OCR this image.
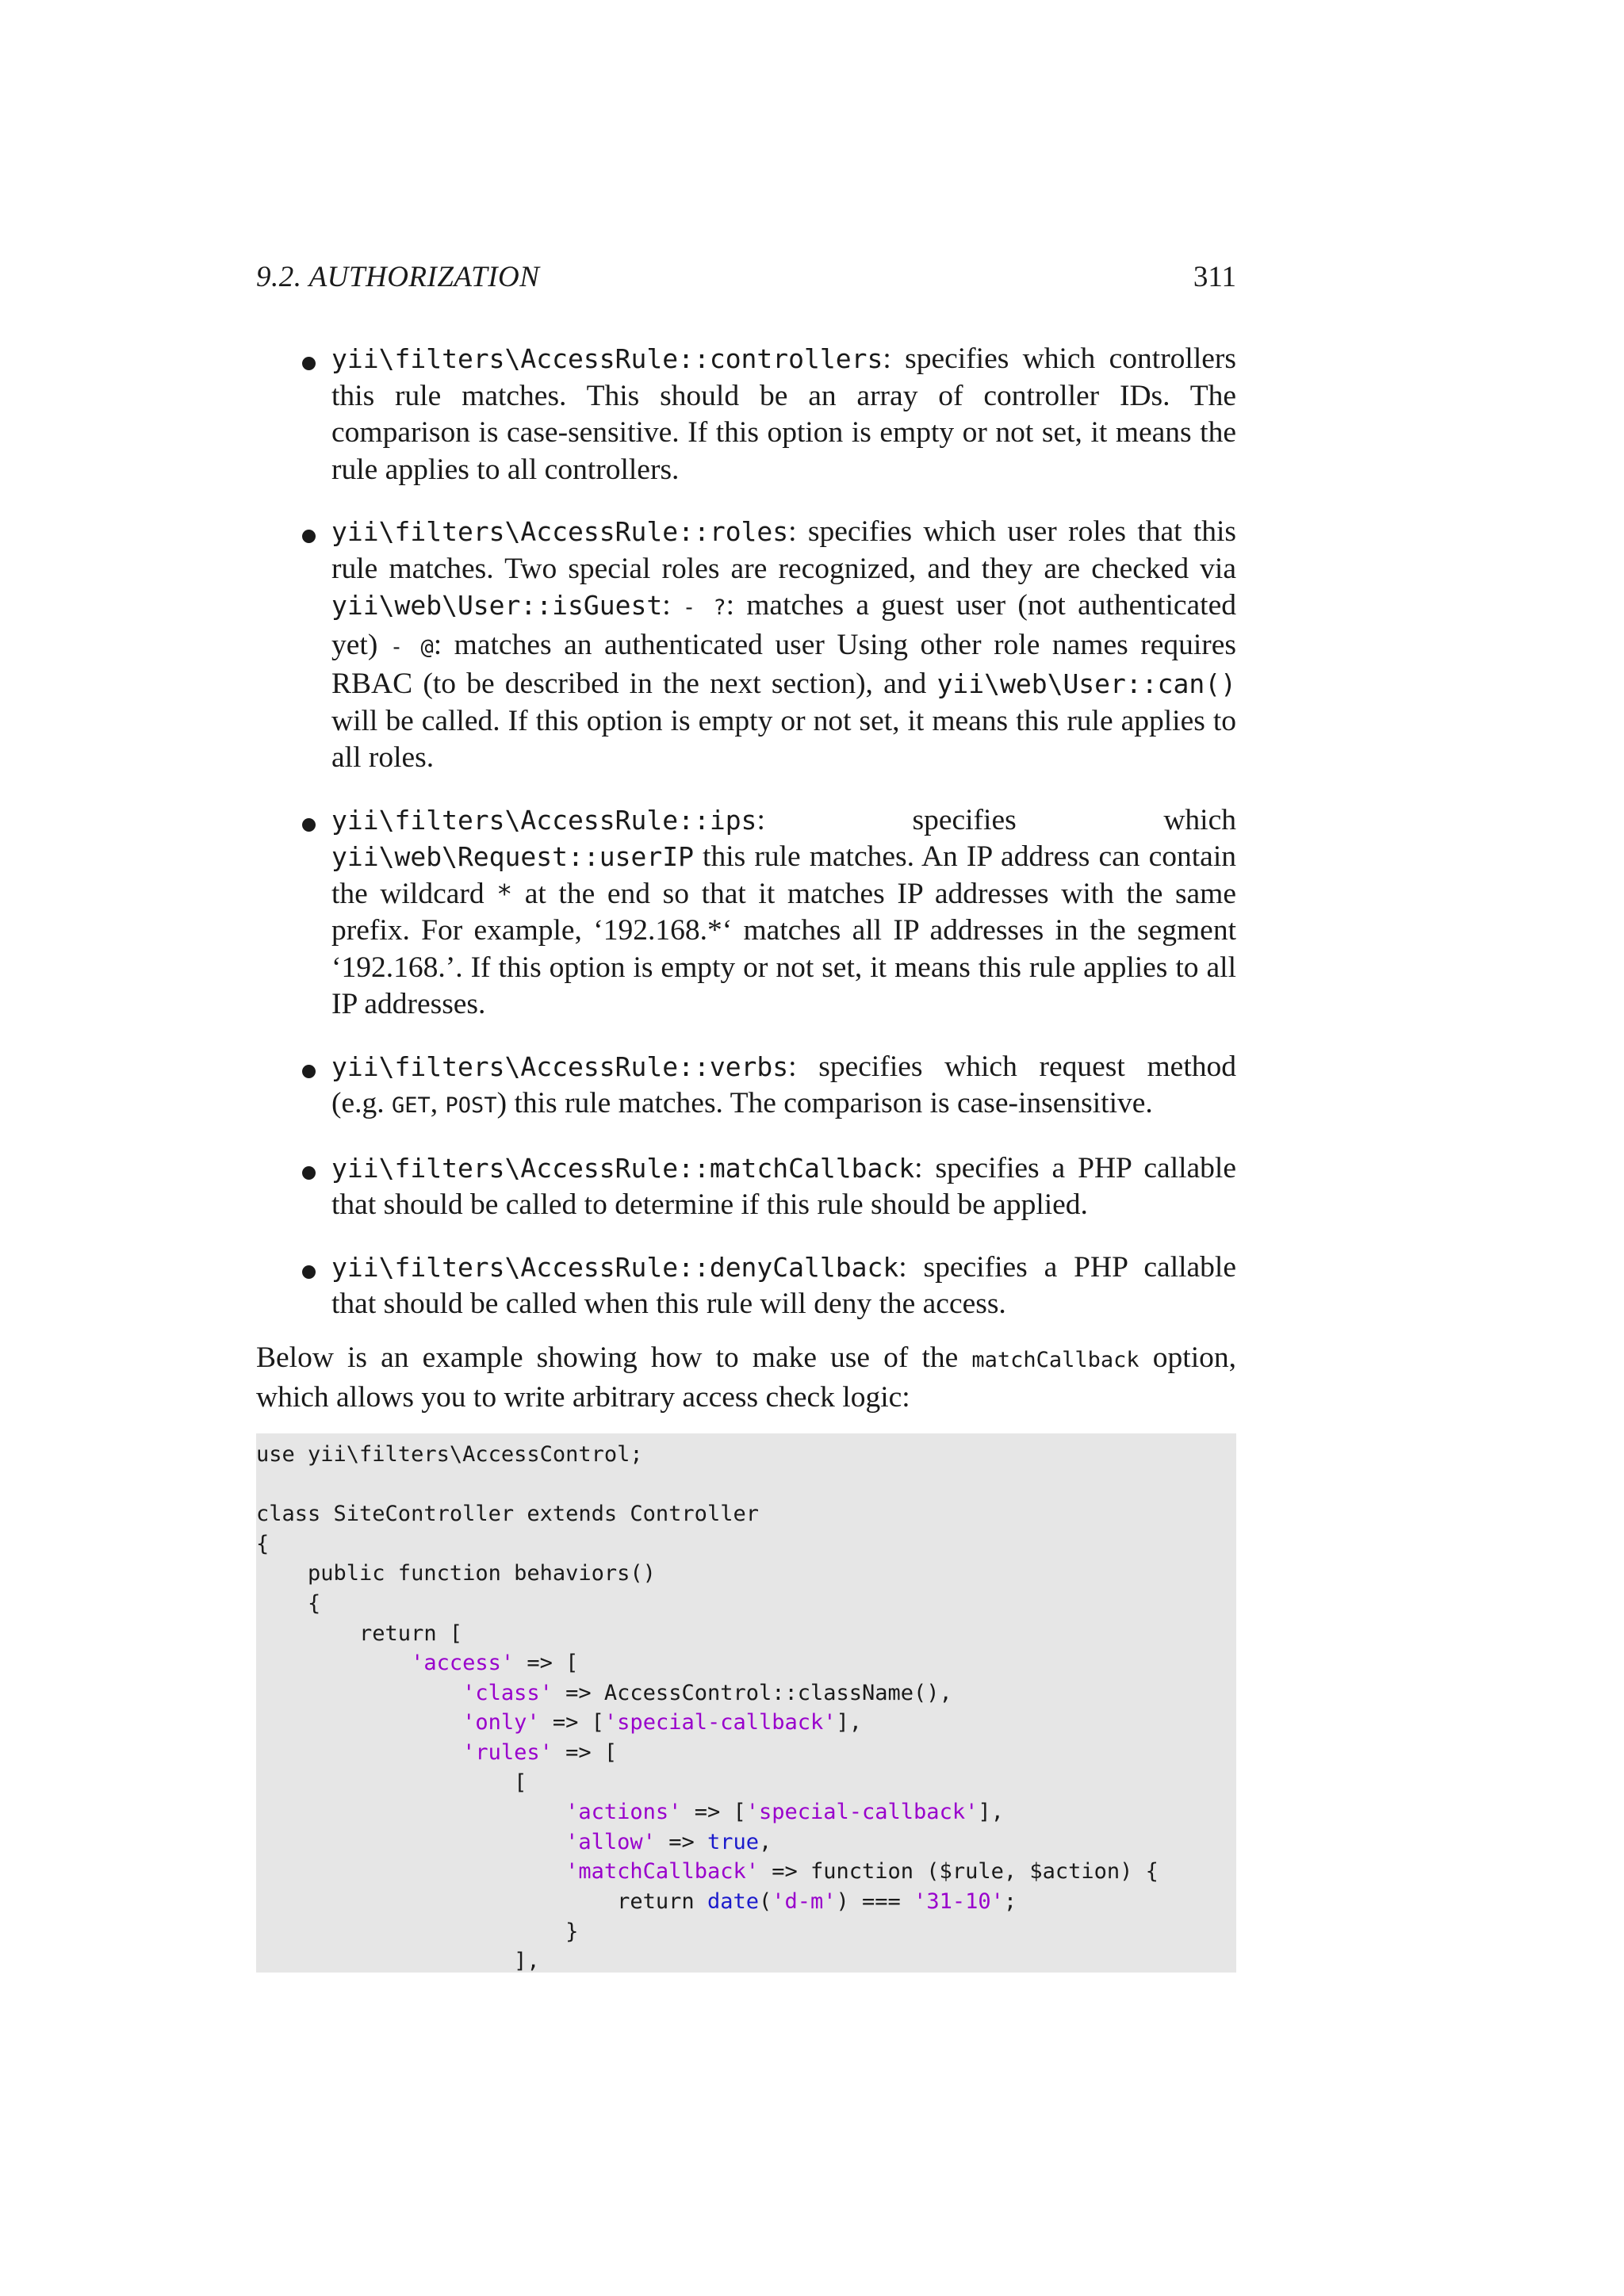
9.2. AUTHORIZATION	311
yii\filters\AccessRule::controllers: specifies which controllers this rule matches. This should be an array of controller IDs. The comparison is case-sensitive. If this option is empty or not set, it means the rule applies to all controllers.
yii\filters\AccessRule::roles: specifies which user roles that this rule matches. Two special roles are recognized, and they are checked via yii\web\User::isGuest: - ?: matches a guest user (not authenticated yet) - @: matches an authenticated user Using other role names requires RBAC (to be described in the next section), and yii\web\User::can() will be called. If this option is empty or not set, it means this rule applies to all roles.
yii\filters\AccessRule::ips: specifies which yii\web\Request::userIP this rule matches. An IP address can contain the wildcard * at the end so that it matches IP addresses with the same prefix. For example, ‘192.168.*‘ matches all IP addresses in the segment ‘192.168.’. If this option is empty or not set, it means this rule applies to all IP addresses.
yii\filters\AccessRule::verbs: specifies which request method (e.g. GET, POST) this rule matches. The comparison is case-insensitive.
yii\filters\AccessRule::matchCallback: specifies a PHP callable that should be called to determine if this rule should be applied.
yii\filters\AccessRule::denyCallback: specifies a PHP callable that should be called when this rule will deny the access.
Below is an example showing how to make use of the matchCallback option, which allows you to write arbitrary access check logic:
use yii\filters\AccessControl;

class SiteController extends Controller
{
public function behaviors()
{
return [
'access' => [
'class' => AccessControl::className(),
'only' => ['special-callback'],
'rules' => [
[
'actions' => ['special-callback'],
'allow' => true,
'matchCallback' => function ($rule, $action) {
return date('d-m') === '31-10';
}
],
